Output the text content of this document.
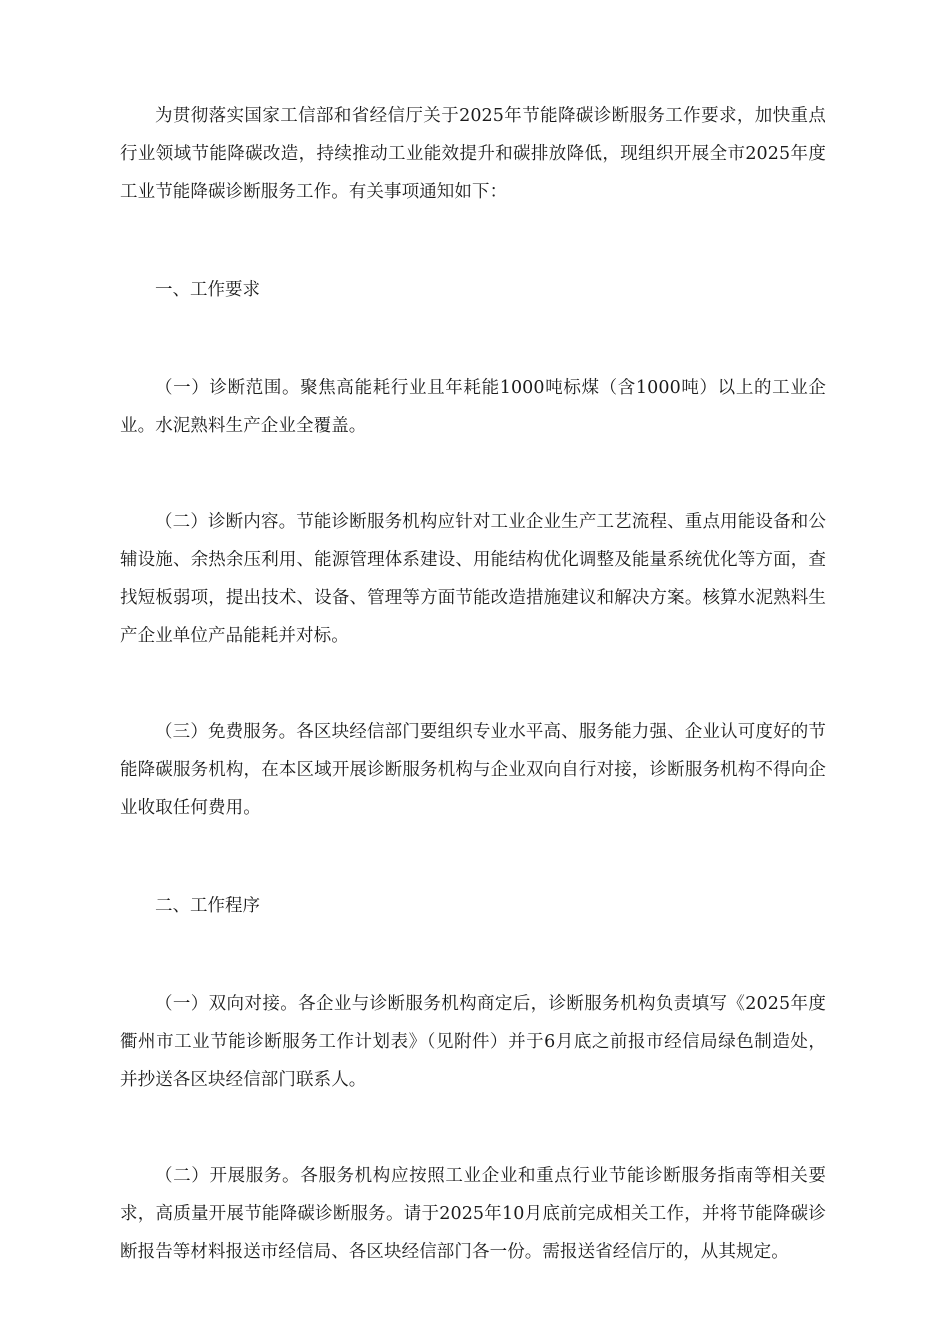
为贯彻落实国家工信部和省经信厅关于2025年节能降碳诊断服务工作要求，加快重点行业领域节能降碳改造，持续推动工业能效提升和碳排放降低，现组织开展全市2025年度工业节能降碳诊断服务工作。有关事项通知如下：

一、工作要求

（一）诊断范围。聚焦高能耗行业且年耗能1000吨标煤（含1000吨）以上的工业企业。水泥熟料生产企业全覆盖。

（二）诊断内容。节能诊断服务机构应针对工业企业生产工艺流程、重点用能设备和公辅设施、余热余压利用、能源管理体系建设、用能结构优化调整及能量系统优化等方面，查找短板弱项，提出技术、设备、管理等方面节能改造措施建议和解决方案。核算水泥熟料生产企业单位产品能耗并对标。

（三）免费服务。各区块经信部门要组织专业水平高、服务能力强、企业认可度好的节能降碳服务机构，在本区域开展诊断服务机构与企业双向自行对接，诊断服务机构不得向企业收取任何费用。

二、工作程序

（一）双向对接。各企业与诊断服务机构商定后，诊断服务机构负责填写《2025年度衢州市工业节能诊断服务工作计划表》（见附件）并于6月底之前报市经信局绿色制造处，并抄送各区块经信部门联系人。

（二）开展服务。各服务机构应按照工业企业和重点行业节能诊断服务指南等相关要求，高质量开展节能降碳诊断服务。请于2025年10月底前完成相关工作，并将节能降碳诊断报告等材料报送市经信局、各区块经信部门各一份。需报送省经信厅的，从其规定。
